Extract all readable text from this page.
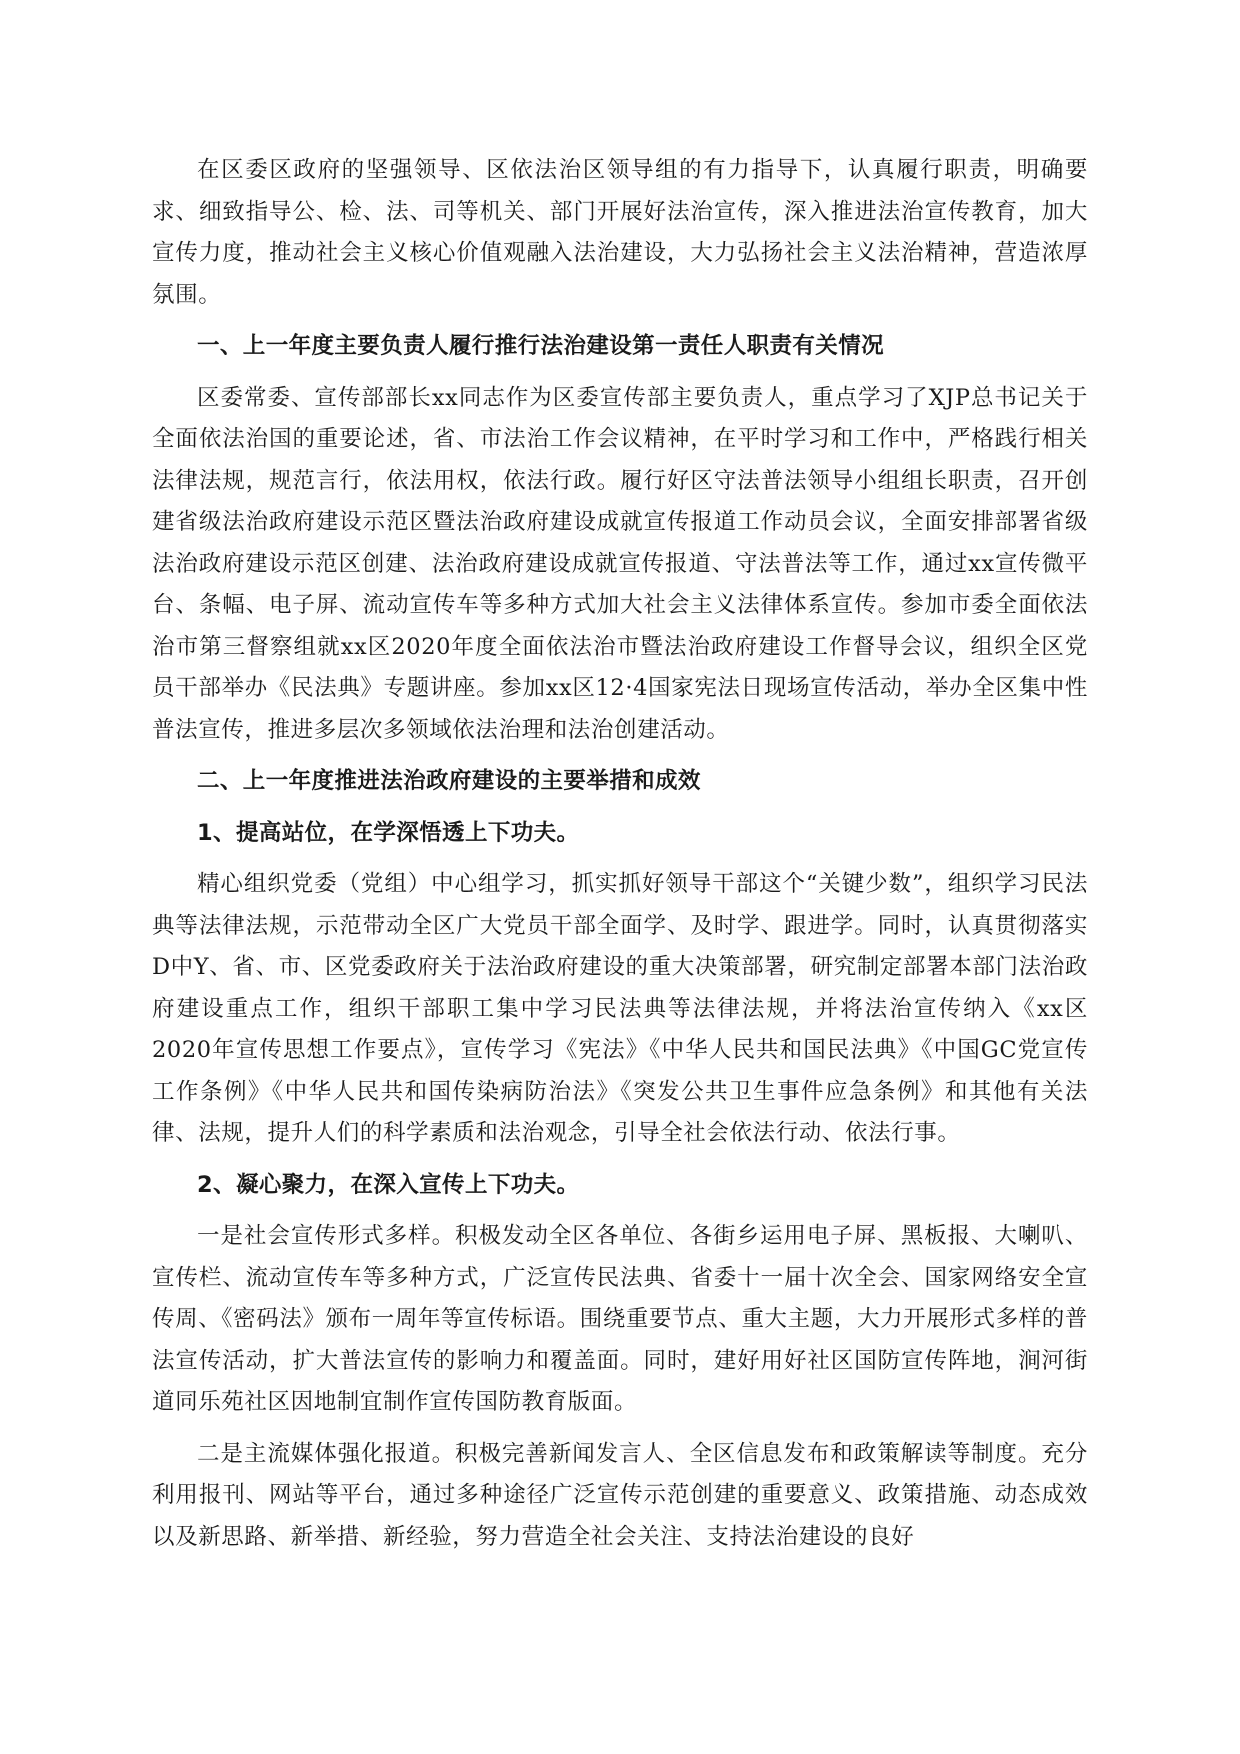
在区委区政府的坚强领导、区依法治区领导组的有力指导下，认真履行职责，明确要求、细致指导公、检、法、司等机关、部门开展好法治宣传，深入推进法治宣传教育，加大宣传力度，推动社会主义核心价值观融入法治建设，大力弘扬社会主义法治精神，营造浓厚氛围。

一、上一年度主要负责人履行推行法治建设第一责任人职责有关情况

区委常委、宣传部部长xx同志作为区委宣传部主要负责人，重点学习了XJP总书记关于全面依法治国的重要论述，省、市法治工作会议精神，在平时学习和工作中，严格践行相关法律法规，规范言行，依法用权，依法行政。履行好区守法普法领导小组组长职责，召开创建省级法治政府建设示范区暨法治政府建设成就宣传报道工作动员会议，全面安排部署省级法治政府建设示范区创建、法治政府建设成就宣传报道、守法普法等工作，通过xx宣传微平台、条幅、电子屏、流动宣传车等多种方式加大社会主义法律体系宣传。参加市委全面依法治市第三督察组就xx区2020年度全面依法治市暨法治政府建设工作督导会议，组织全区党员干部举办《民法典》专题讲座。参加xx区12·4国家宪法日现场宣传活动，举办全区集中性普法宣传，推进多层次多领域依法治理和法治创建活动。

二、上一年度推进法治政府建设的主要举措和成效

1、提高站位，在学深悟透上下功夫。

精心组织党委（党组）中心组学习，抓实抓好领导干部这个“关键少数”，组织学习民法典等法律法规，示范带动全区广大党员干部全面学、及时学、跟进学。同时，认真贯彻落实D中Y、省、市、区党委政府关于法治政府建设的重大决策部署，研究制定部署本部门法治政府建设重点工作，组织干部职工集中学习民法典等法律法规，并将法治宣传纳入《xx区2020年宣传思想工作要点》，宣传学习《宪法》《中华人民共和国民法典》《中国GC党宣传工作条例》《中华人民共和国传染病防治法》《突发公共卫生事件应急条例》和其他有关法律、法规，提升人们的科学素质和法治观念，引导全社会依法行动、依法行事。

2、凝心聚力，在深入宣传上下功夫。

一是社会宣传形式多样。积极发动全区各单位、各街乡运用电子屏、黑板报、大喇叭、宣传栏、流动宣传车等多种方式，广泛宣传民法典、省委十一届十次全会、国家网络安全宣传周、《密码法》颁布一周年等宣传标语。围绕重要节点、重大主题，大力开展形式多样的普法宣传活动，扩大普法宣传的影响力和覆盖面。同时，建好用好社区国防宣传阵地，涧河街道同乐苑社区因地制宜制作宣传国防教育版面。

二是主流媒体强化报道。积极完善新闻发言人、全区信息发布和政策解读等制度。充分利用报刊、网站等平台，通过多种途径广泛宣传示范创建的重要意义、政策措施、动态成效以及新思路、新举措、新经验，努力营造全社会关注、支持法治建设的良好
